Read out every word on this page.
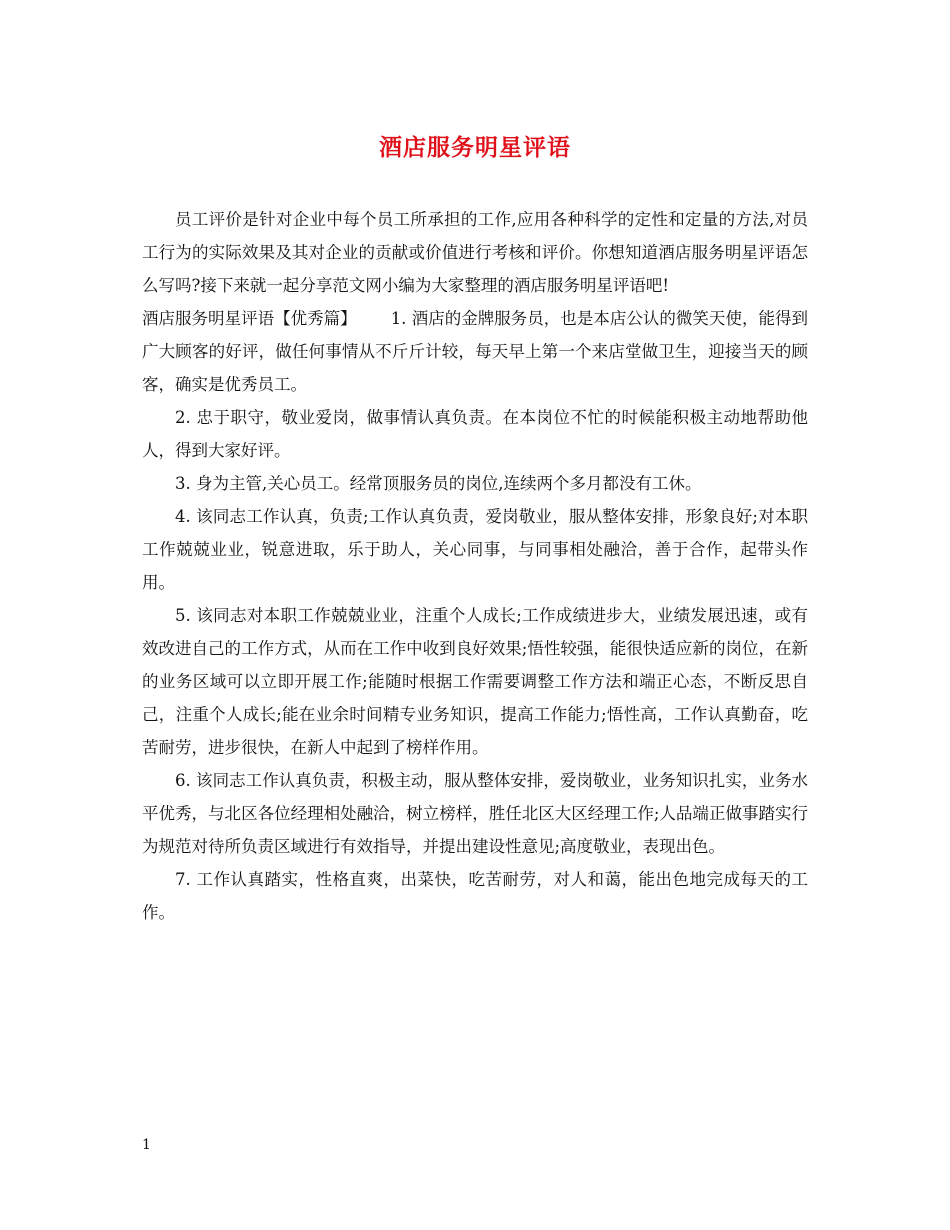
酒店服务明星评语

员工评价是针对企业中每个员工所承担的工作,应用各种科学的定性和定量的方法,对员工行为的实际效果及其对企业的贡献或价值进行考核和评价。你想知道酒店服务明星评语怎么写吗?接下来就一起分享范文网小编为大家整理的酒店服务明星评语吧!

酒店服务明星评语【优秀篇】 1. 酒店的金牌服务员，也是本店公认的微笑天使，能得到广大顾客的好评，做任何事情从不斤斤计较，每天早上第一个来店堂做卫生，迎接当天的顾客，确实是优秀员工。

2. 忠于职守，敬业爱岗，做事情认真负责。在本岗位不忙的时候能积极主动地帮助他人，得到大家好评。

3. 身为主管,关心员工。经常顶服务员的岗位,连续两个多月都没有工休。

4. 该同志工作认真，负责;工作认真负责，爱岗敬业，服从整体安排，形象良好;对本职工作兢兢业业，锐意进取，乐于助人，关心同事，与同事相处融洽，善于合作，起带头作用。

5. 该同志对本职工作兢兢业业，注重个人成长;工作成绩进步大，业绩发展迅速，或有效改进自己的工作方式，从而在工作中收到良好效果;悟性较强，能很快适应新的岗位，在新的业务区域可以立即开展工作;能随时根据工作需要调整工作方法和端正心态，不断反思自己，注重个人成长;能在业余时间精专业务知识，提高工作能力;悟性高，工作认真勤奋，吃苦耐劳，进步很快，在新人中起到了榜样作用。

6. 该同志工作认真负责，积极主动，服从整体安排，爱岗敬业，业务知识扎实，业务水平优秀，与北区各位经理相处融洽，树立榜样，胜任北区大区经理工作;人品端正做事踏实行为规范对待所负责区域进行有效指导，并提出建设性意见;高度敬业，表现出色。

7. 工作认真踏实，性格直爽，出菜快，吃苦耐劳，对人和蔼，能出色地完成每天的工作。

1
